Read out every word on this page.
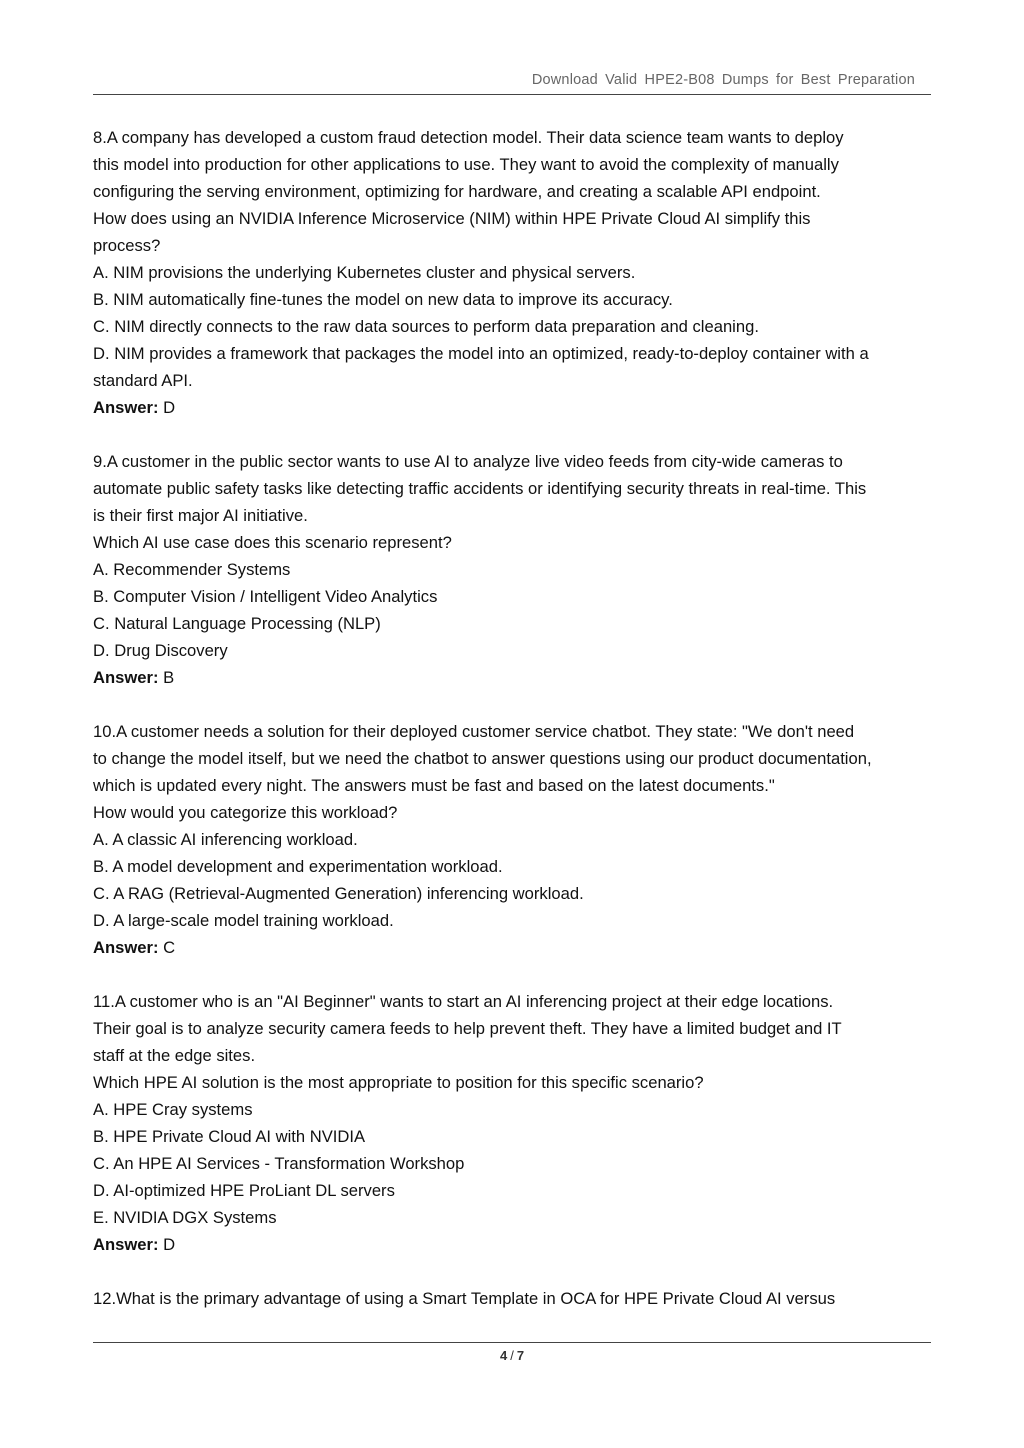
Download Valid HPE2-B08 Dumps for Best Preparation

8.A company has developed a custom fraud detection model. Their data science team wants to deploy

this model into production for other applications to use. They want to avoid the complexity of manually

configuring the serving environment, optimizing for hardware, and creating a scalable API endpoint.

How does using an NVIDIA Inference Microservice (NIM) within HPE Private Cloud AI simplify this

process?

A. NIM provisions the underlying Kubernetes cluster and physical servers.

B. NIM automatically fine-tunes the model on new data to improve its accuracy.

C. NIM directly connects to the raw data sources to perform data preparation and cleaning.

D. NIM provides a framework that packages the model into an optimized, ready-to-deploy container with a

standard API.

Answer: D

9.A customer in the public sector wants to use AI to analyze live video feeds from city-wide cameras to

automate public safety tasks like detecting traffic accidents or identifying security threats in real-time. This

is their first major AI initiative.

Which AI use case does this scenario represent?

A. Recommender Systems

B. Computer Vision / Intelligent Video Analytics

C. Natural Language Processing (NLP)

D. Drug Discovery

Answer: B

10.A customer needs a solution for their deployed customer service chatbot. They state: "We don't need

to change the model itself, but we need the chatbot to answer questions using our product documentation,

which is updated every night. The answers must be fast and based on the latest documents."

How would you categorize this workload?

A. A classic AI inferencing workload.

B. A model development and experimentation workload.

C. A RAG (Retrieval-Augmented Generation) inferencing workload.

D. A large-scale model training workload.

Answer: C

11.A customer who is an "AI Beginner" wants to start an AI inferencing project at their edge locations.

Their goal is to analyze security camera feeds to help prevent theft. They have a limited budget and IT

staff at the edge sites.

Which HPE AI solution is the most appropriate to position for this specific scenario?

A. HPE Cray systems

B. HPE Private Cloud AI with NVIDIA

C. An HPE AI Services - Transformation Workshop

D. AI-optimized HPE ProLiant DL servers

E. NVIDIA DGX Systems

Answer: D

12.What is the primary advantage of using a Smart Template in OCA for HPE Private Cloud AI versus

4 / 7
